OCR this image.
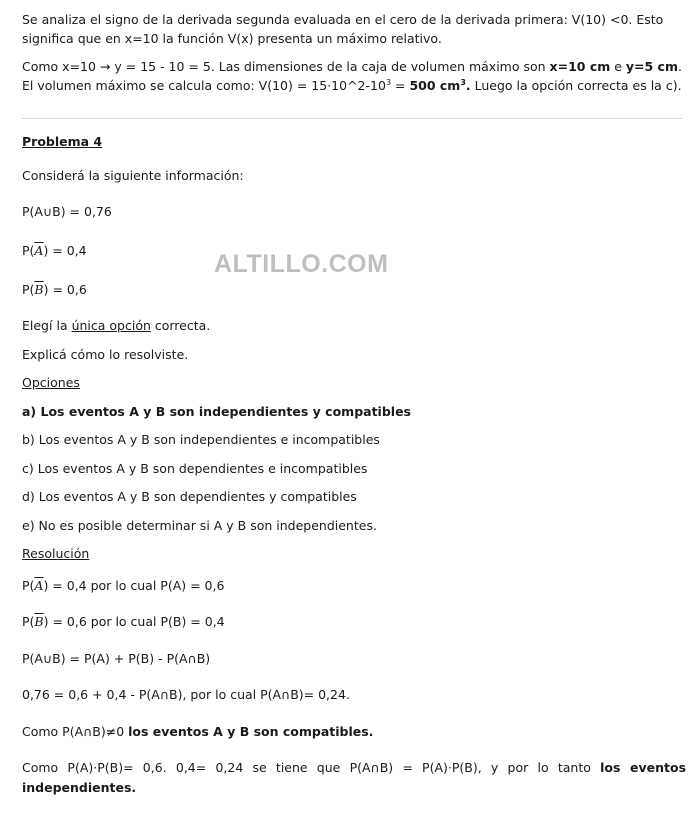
Se analiza el signo de la derivada segunda evaluada en el cero de la derivada primera: V(10) <0. Esto significa que en x=10 la función V(x) presenta un máximo relativo.
Como x=10 → y = 15 - 10 = 5. Las dimensiones de la caja de volumen máximo son x=10 cm e y=5 cm. El volumen máximo se calcula como: $V(10) = 15\cdot 10\^{}2-10^3 = 500$ $cm^3$. Luego la opción correcta es la c).
Problema 4
Considerá la siguiente información:
P(A∪B) = 0,76
$P(\overline{A}) = 0,4$
$P(\overline{B}) = 0,6$
ALTILLO.COM
Elegí la única opción correcta.
Explicá cómo lo resolviste.
Opciones
a) Los eventos A y B son independientes y compatibles
b) Los eventos A y B son independientes e incompatibles
c) Los eventos A y B son dependientes e incompatibles
d) Los eventos A y B son dependientes y compatibles
e) No es posible determinar si A y B son independientes.
Resolución
$P(\overline{A}) = 0,4$ por lo cual P(A) = 0,6
$P(\overline{B}) = 0,6$ por lo cual P(B) = 0,4
P(A∪B) = P(A) + P(B) - P(A∩B)
0,76 = 0,6 + 0,4 - P(A∩B), por lo cual P(A∩B)= 0,24.
Como P(A∩B)≠0 los eventos A y B son compatibles.
Como P(A)·P(B)= 0,6. 0,4= 0,24 se tiene que P(A∩B) = P(A)·P(B), y por lo tanto los eventos
independientes.
